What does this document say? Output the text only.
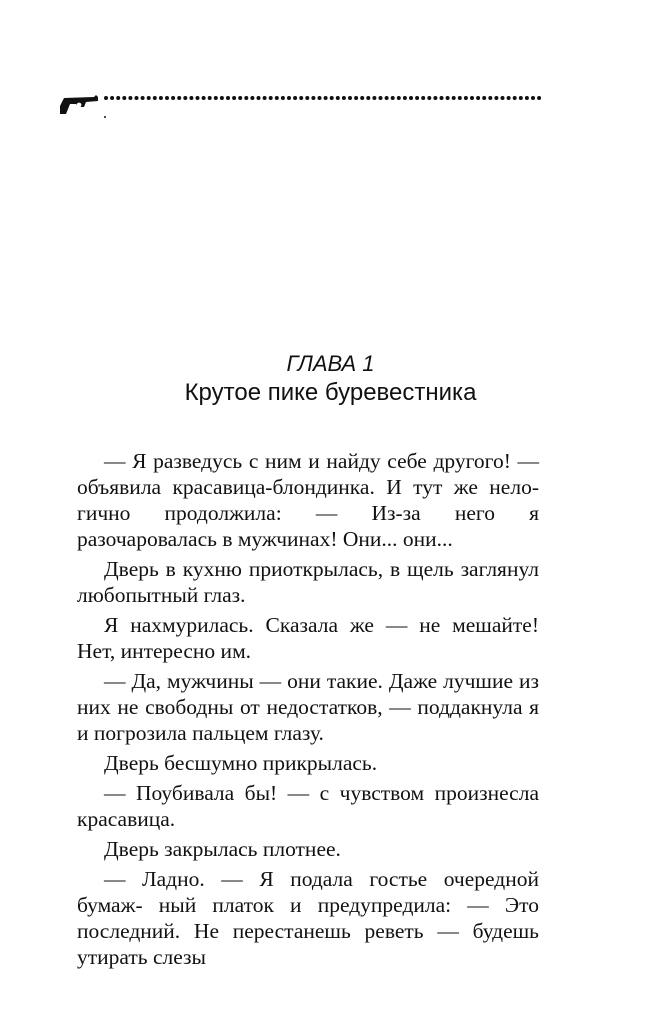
ГЛАВА 1
Крутое пике буревестника

— Я разведусь с ним и найду себе другого! — объявила красавица-блондинка. И тут же нело- гично продолжила: — Из-за него я разочаровалась в мужчинах! Они... они...

Дверь в кухню приоткрылась, в щель заглянул любопытный глаз.

Я нахмурилась. Сказала же — не мешайте! Нет, интересно им.

— Да, мужчины — они такие. Даже лучшие из них не свободны от недостатков, — поддакнула я и погрозила пальцем глазу.

Дверь бесшумно прикрылась.

— Поубивала бы! — с чувством произнесла красавица.

Дверь закрылась плотнее.

— Ладно. — Я подала гостье очередной бумаж- ный платок и предупредила: — Это последний. Не перестанешь реветь — будешь утирать слезы
